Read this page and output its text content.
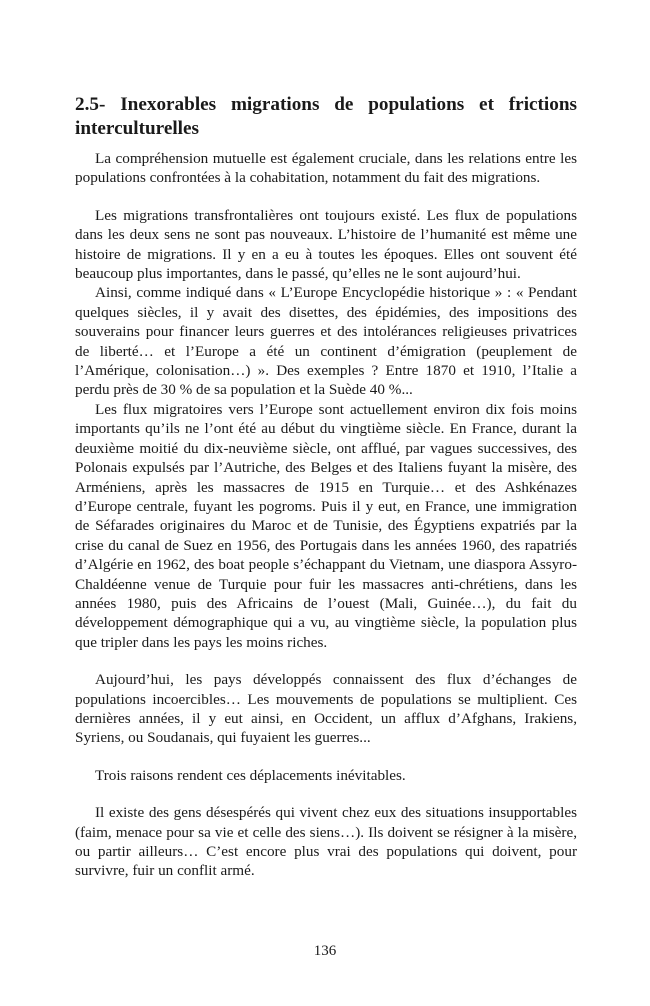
2.5- Inexorables migrations de populations et frictions interculturelles

La compréhension mutuelle est également cruciale, dans les relations entre les populations confrontées à la cohabitation, notamment du fait des migrations.

Les migrations transfrontalières ont toujours existé. Les flux de populations dans les deux sens ne sont pas nouveaux. L’histoire de l’humanité est même une histoire de migrations. Il y en a eu à toutes les époques. Elles ont souvent été beaucoup plus importantes, dans le passé, qu’elles ne le sont aujourd’hui.

Ainsi, comme indiqué dans « L’Europe Encyclopédie historique » : « Pendant quelques siècles, il y avait des disettes, des épidémies, des impositions des souverains pour financer leurs guerres et des intolérances religieuses privatrices de liberté… et l’Europe a été un continent d’émigration (peuplement de l’Amérique, colonisation…) ». Des exemples ? Entre 1870 et 1910, l’Italie a perdu près de 30 % de sa population et la Suède 40 %...

Les flux migratoires vers l’Europe sont actuellement environ dix fois moins importants qu’ils ne l’ont été au début du vingtième siècle. En France, durant la deuxième moitié du dix-neuvième siècle, ont afflué, par vagues successives, des Polonais expulsés par l’Autriche, des Belges et des Italiens fuyant la misère, des Arméniens, après les massacres de 1915 en Turquie… et des Ashkénazes d’Europe centrale, fuyant les pogroms. Puis il y eut, en France, une immigration de Séfarades originaires du Maroc et de Tunisie, des Égyptiens expatriés par la crise du canal de Suez en 1956, des Portugais dans les années 1960, des rapatriés d’Algérie en 1962, des boat people s’échappant du Vietnam, une diaspora Assyro-Chaldéenne venue de Turquie pour fuir les massacres anti-chrétiens, dans les années 1980, puis des Africains de l’ouest (Mali, Guinée…), du fait du développement démographique qui a vu, au vingtième siècle, la population plus que tripler dans les pays les moins riches.

Aujourd’hui, les pays développés connaissent des flux d’échanges de populations incoercibles… Les mouvements de populations se multiplient. Ces dernières années, il y eut ainsi, en Occident, un afflux d’Afghans, Irakiens, Syriens, ou Soudanais, qui fuyaient les guerres...

Trois raisons rendent ces déplacements inévitables.

Il existe des gens désespérés qui vivent chez eux des situations insupportables (faim, menace pour sa vie et celle des siens…). Ils doivent se résigner à la misère, ou partir ailleurs… C’est encore plus vrai des populations qui doivent, pour survivre, fuir un conflit armé.

136
